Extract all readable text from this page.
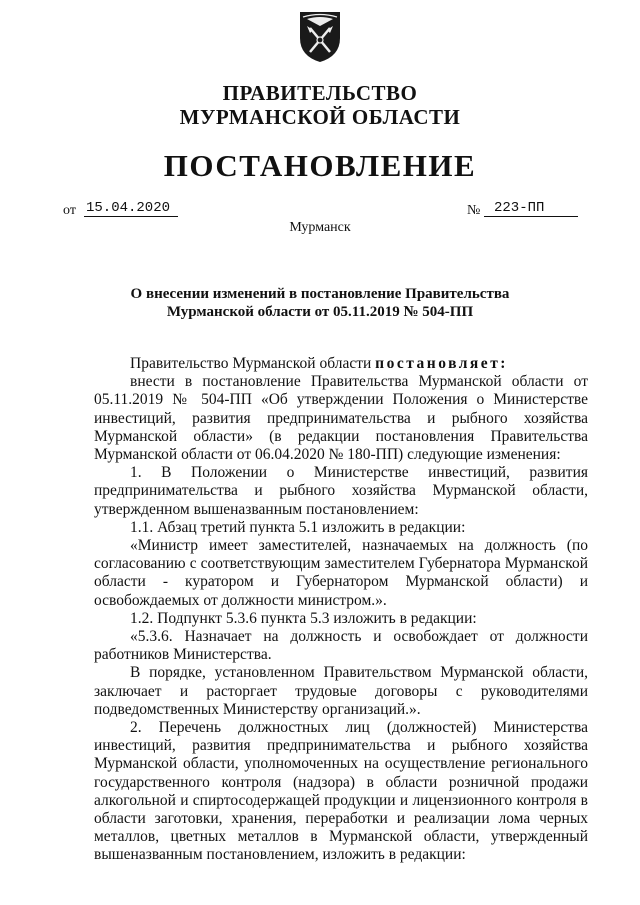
ПРАВИТЕЛЬСТВО
МУРМАНСКОЙ ОБЛАСТИ
ПОСТАНОВЛЕНИЕ
от 15.04.2020	№ 223-ПП
Мурманск
О внесении изменений в постановление Правительства
Мурманской области от 05.11.2019 № 504-ПП

Правительство Мурманской области постановляет:

внести в постановление Правительства Мурманской области от 05.11.2019 № 504-ПП «Об утверждении Положения о Министерстве инвестиций, развития предпринимательства и рыбного хозяйства Мурманской области» (в редакции постановления Правительства Мурманской области от 06.04.2020 № 180-ПП) следующие изменения:

1. В Положении о Министерстве инвестиций, развития предпринимательства и рыбного хозяйства Мурманской области, утвержденном вышеназванным постановлением:

1.1. Абзац третий пункта 5.1 изложить в редакции:

«Министр имеет заместителей, назначаемых на должность (по согласованию с соответствующим заместителем Губернатора Мурманской области - куратором и Губернатором Мурманской области) и освобождаемых от должности министром.».

1.2. Подпункт 5.3.6 пункта 5.3 изложить в редакции:

«5.3.6. Назначает на должность и освобождает от должности работников Министерства.

В порядке, установленном Правительством Мурманской области, заключает и расторгает трудовые договоры с руководителями подведомственных Министерству организаций.».

2. Перечень должностных лиц (должностей) Министерства инвестиций, развития предпринимательства и рыбного хозяйства Мурманской области, уполномоченных на осуществление регионального государственного контроля (надзора) в области розничной продажи алкогольной и спиртосодержащей продукции и лицензионного контроля в области заготовки, хранения, переработки и реализации лома черных металлов, цветных металлов в Мурманской области, утвержденный вышеназванным постановлением, изложить в редакции:
